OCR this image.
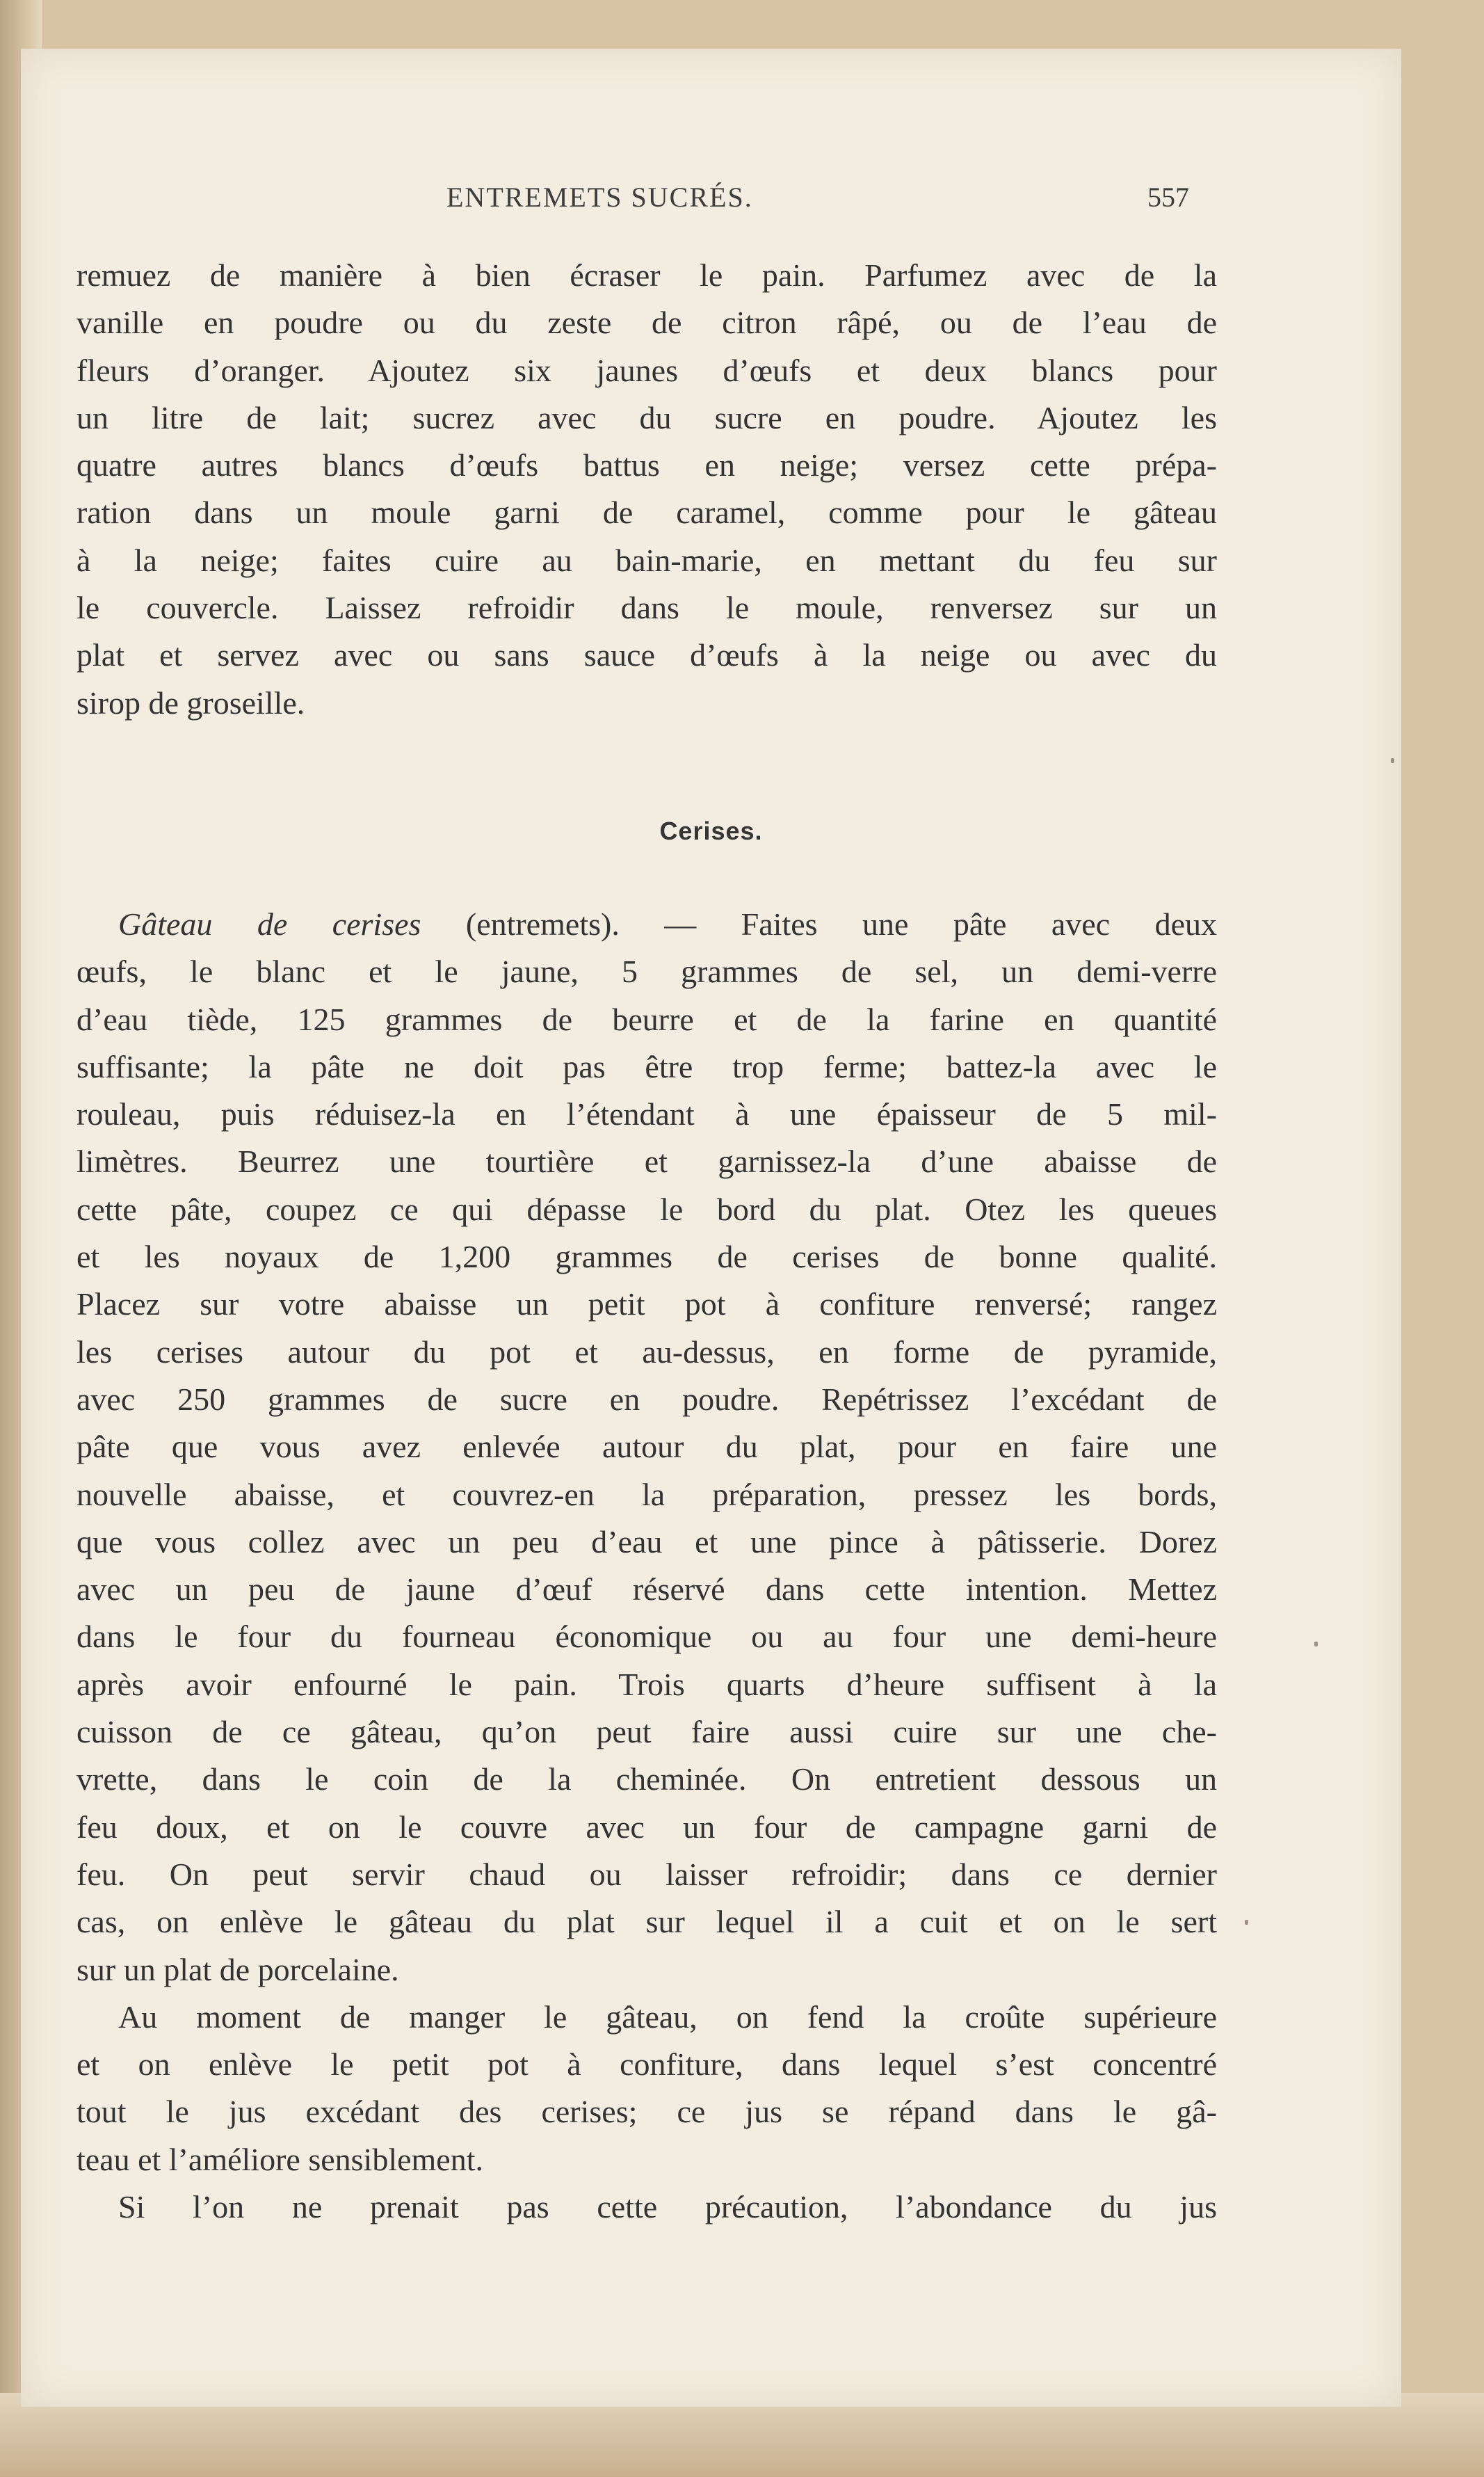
ENTREMETS SUCRÉS.	557
remuez de manière à bien écraser le pain. Parfumez avec de la
vanille en poudre ou du zeste de citron râpé, ou de l’eau de
fleurs d’oranger. Ajoutez six jaunes d’œufs et deux blancs pour
un litre de lait; sucrez avec du sucre en poudre. Ajoutez les
quatre autres blancs d’œufs battus en neige; versez cette prépa-
ration dans un moule garni de caramel, comme pour le gâteau
à la neige; faites cuire au bain-marie, en mettant du feu sur
le couvercle. Laissez refroidir dans le moule, renversez sur un
plat et servez avec ou sans sauce d’œufs à la neige ou avec du
sirop de groseille.
Cerises.
Gâteau de cerises (entremets). — Faites une pâte avec deux
œufs, le blanc et le jaune, 5 grammes de sel, un demi-verre
d’eau tiède, 125 grammes de beurre et de la farine en quantité
suffisante; la pâte ne doit pas être trop ferme; battez-la avec le
rouleau, puis réduisez-la en l’étendant à une épaisseur de 5 mil-
limètres. Beurrez une tourtière et garnissez-la d’une abaisse de
cette pâte, coupez ce qui dépasse le bord du plat. Otez les queues
et les noyaux de 1,200 grammes de cerises de bonne qualité.
Placez sur votre abaisse un petit pot à confiture renversé; rangez
les cerises autour du pot et au-dessus, en forme de pyramide,
avec 250 grammes de sucre en poudre. Repétrissez l’excédant de
pâte que vous avez enlevée autour du plat, pour en faire une
nouvelle abaisse, et couvrez-en la préparation, pressez les bords,
que vous collez avec un peu d’eau et une pince à pâtisserie. Dorez
avec un peu de jaune d’œuf réservé dans cette intention. Mettez
dans le four du fourneau économique ou au four une demi-heure
après avoir enfourné le pain. Trois quarts d’heure suffisent à la
cuisson de ce gâteau, qu’on peut faire aussi cuire sur une che-
vrette, dans le coin de la cheminée. On entretient dessous un
feu doux, et on le couvre avec un four de campagne garni de
feu. On peut servir chaud ou laisser refroidir; dans ce dernier
cas, on enlève le gâteau du plat sur lequel il a cuit et on le sert
sur un plat de porcelaine.
Au moment de manger le gâteau, on fend la croûte supérieure
et on enlève le petit pot à confiture, dans lequel s’est concentré
tout le jus excédant des cerises; ce jus se répand dans le gâ-
teau et l’améliore sensiblement.
Si l’on ne prenait pas cette précaution, l’abondance du jus
